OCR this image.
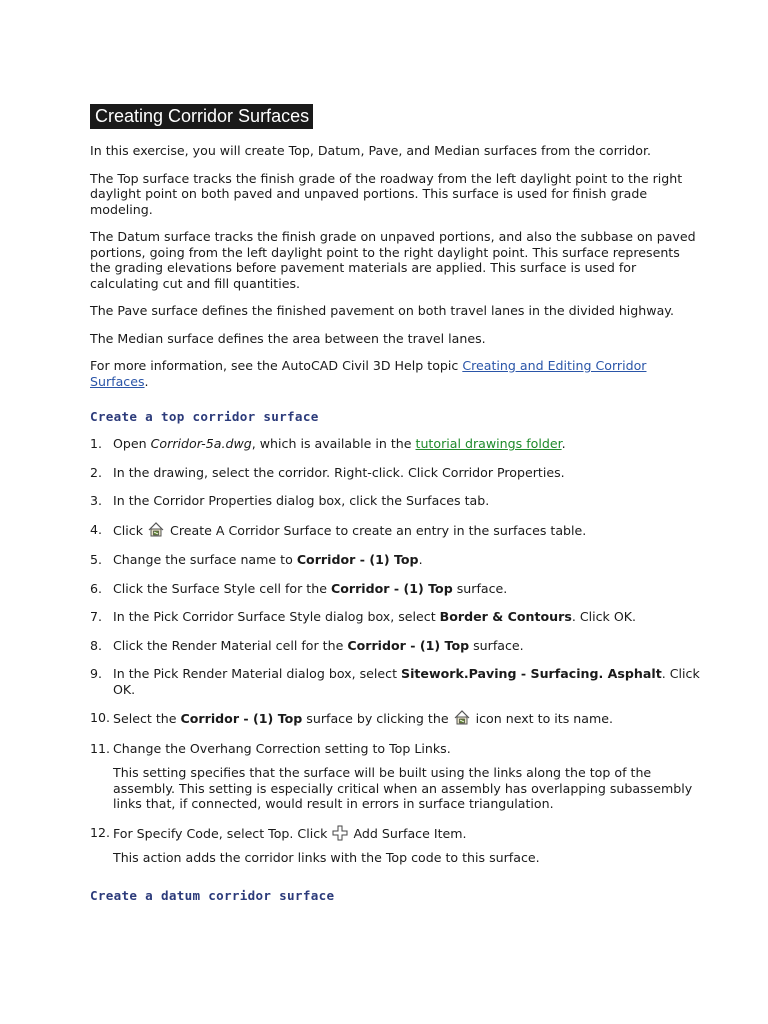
Creating Corridor Surfaces

In this exercise, you will create Top, Datum, Pave, and Median surfaces from the corridor.

The Top surface tracks the finish grade of the roadway from the left daylight point to the right daylight point on both paved and unpaved portions. This surface is used for finish grade modeling.

The Datum surface tracks the finish grade on unpaved portions, and also the subbase on paved portions, going from the left daylight point to the right daylight point. This surface represents the grading elevations before pavement materials are applied. This surface is used for calculating cut and fill quantities.

The Pave surface defines the finished pavement on both travel lanes in the divided highway.

The Median surface defines the area between the travel lanes.

For more information, see the AutoCAD Civil 3D Help topic Creating and Editing Corridor Surfaces.

Create a top corridor surface
1. Open Corridor-5a.dwg, which is available in the tutorial drawings folder.
2. In the drawing, select the corridor. Right-click. Click Corridor Properties.
3. In the Corridor Properties dialog box, click the Surfaces tab.
4. Click Create A Corridor Surface to create an entry in the surfaces table.
5. Change the surface name to Corridor - (1) Top.
6. Click the Surface Style cell for the Corridor - (1) Top surface.
7. In the Pick Corridor Surface Style dialog box, select Border & Contours. Click OK.
8. Click the Render Material cell for the Corridor - (1) Top surface.
9. In the Pick Render Material dialog box, select Sitework.Paving - Surfacing. Asphalt. Click OK.
10. Select the Corridor - (1) Top surface by clicking the icon next to its name.
11. Change the Overhang Correction setting to Top Links.
This setting specifies that the surface will be built using the links along the top of the assembly. This setting is especially critical when an assembly has overlapping subassembly links that, if connected, would result in errors in surface triangulation.
12. For Specify Code, select Top. Click Add Surface Item.
This action adds the corridor links with the Top code to this surface.
Create a datum corridor surface
